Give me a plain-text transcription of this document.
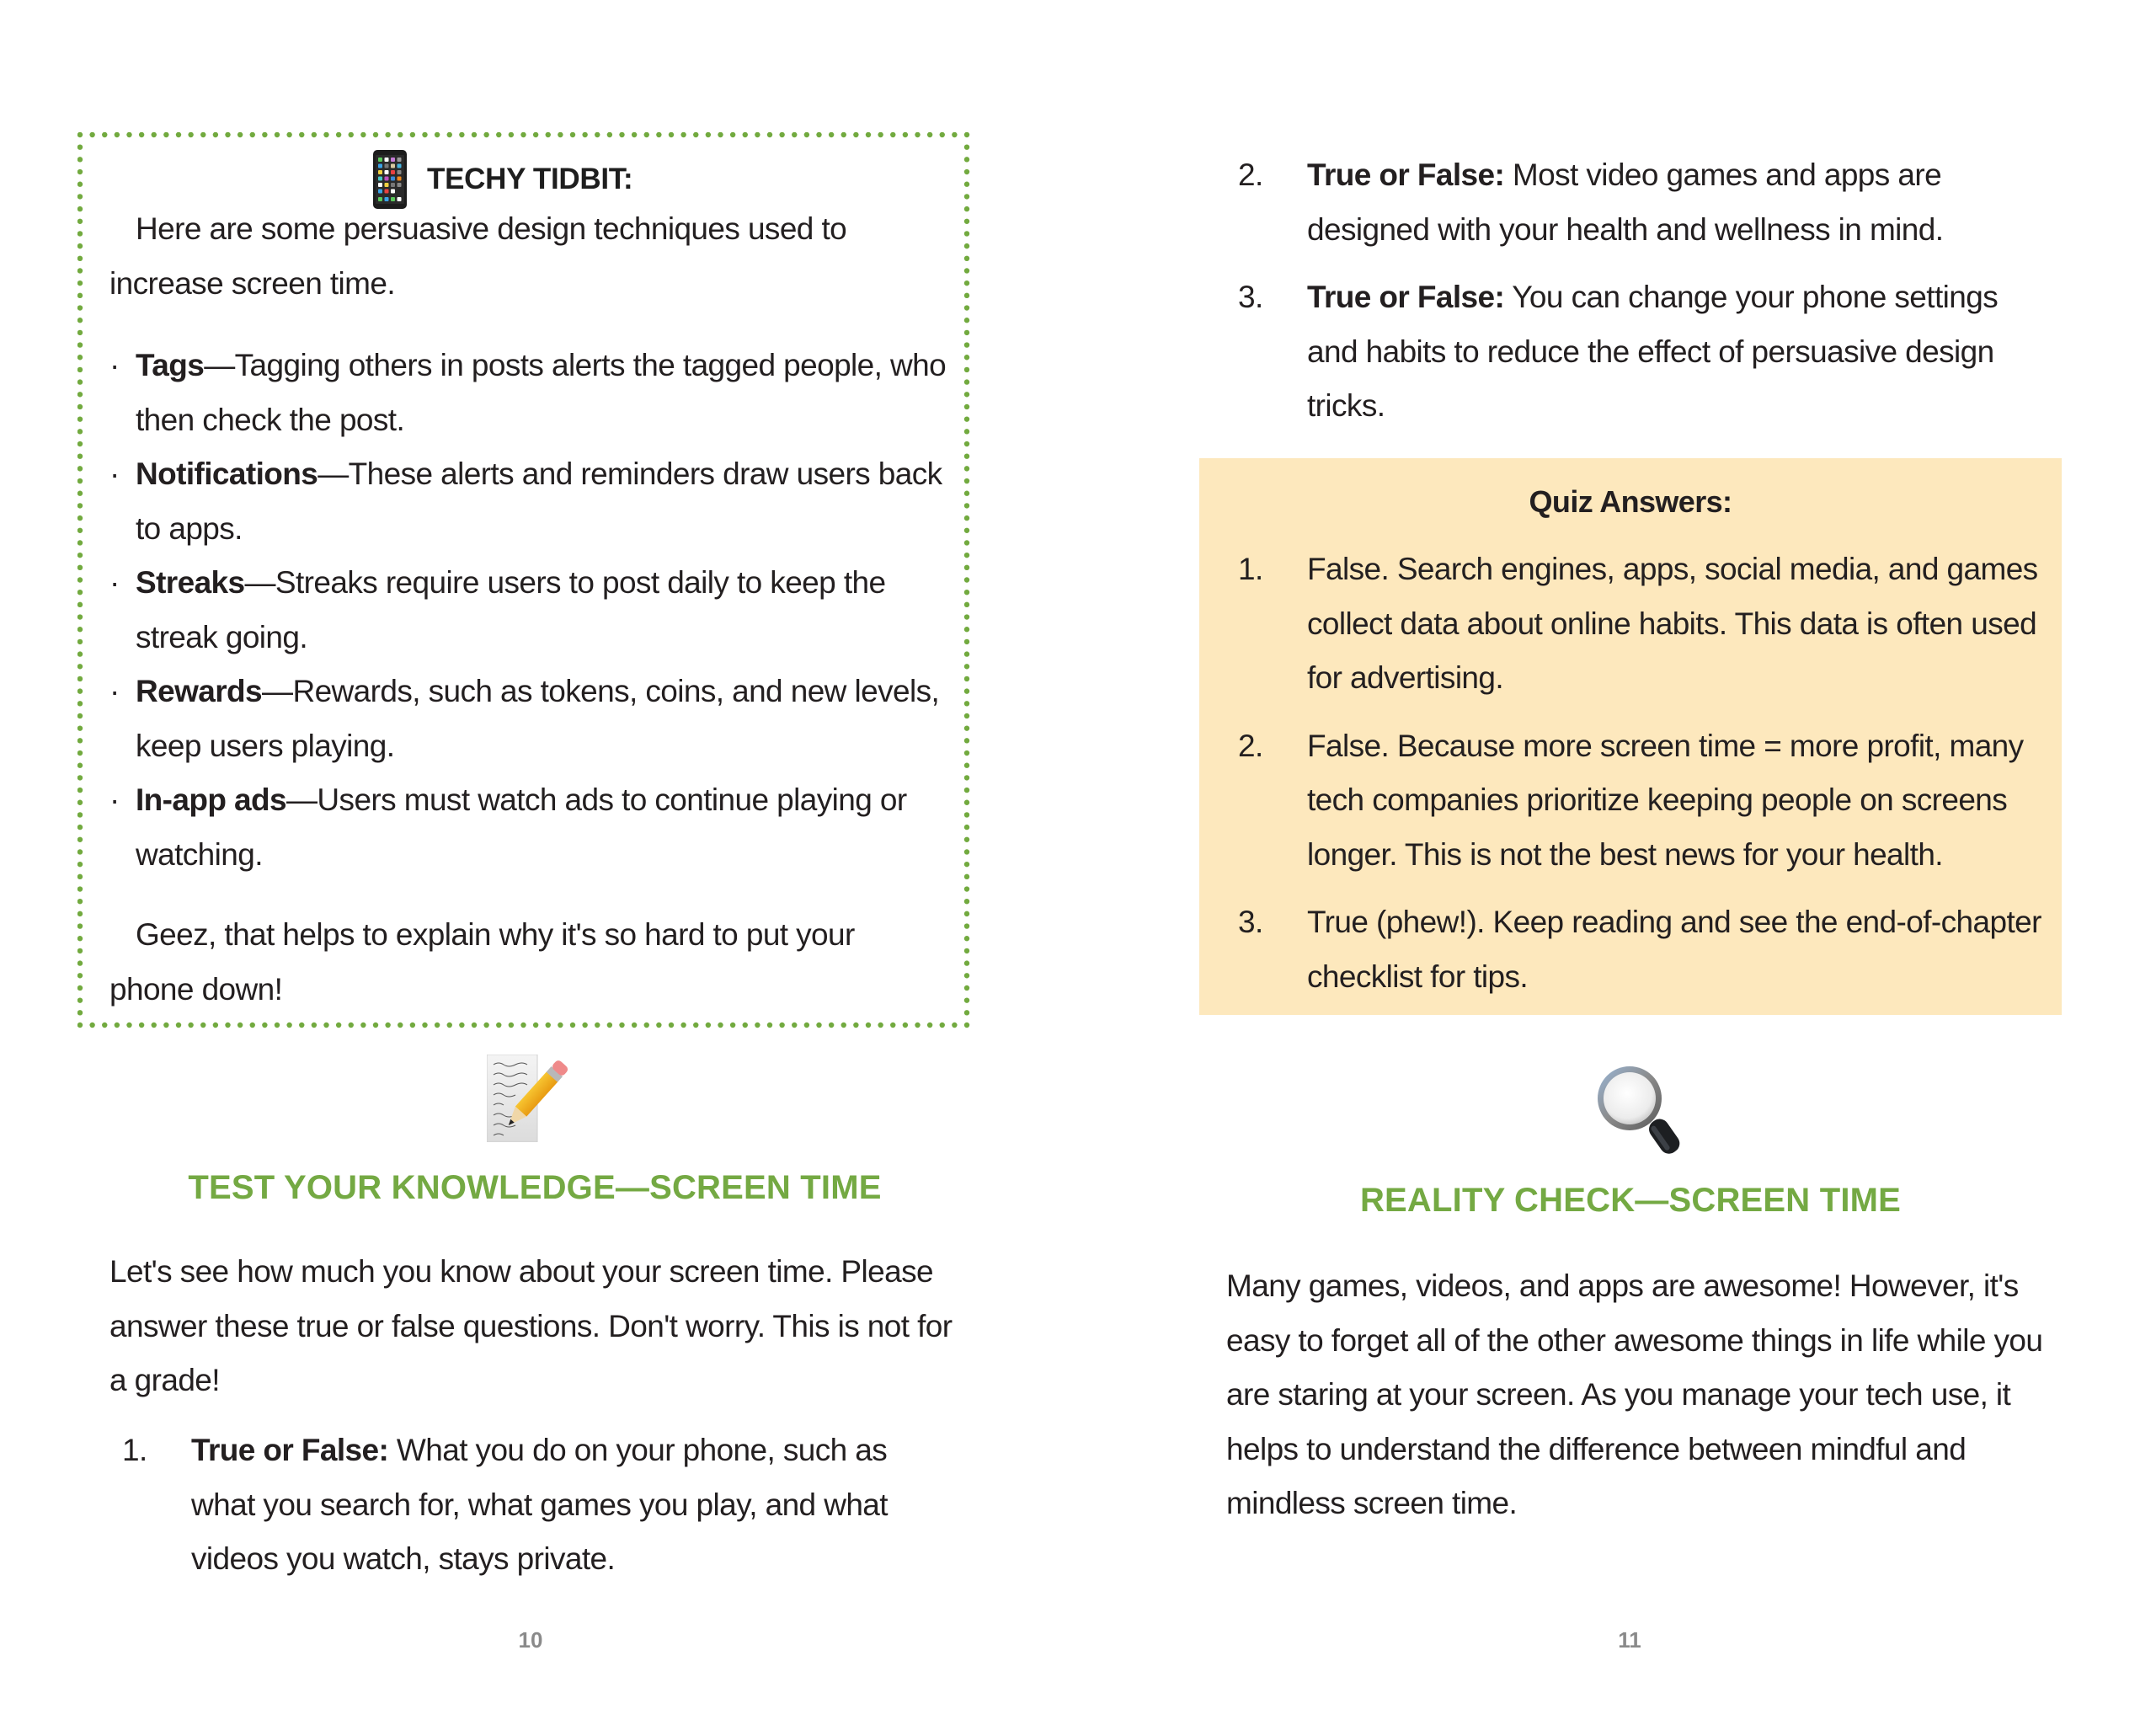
TECHY TIDBIT:
Here are some persuasive design techniques used to increase screen time.
· Tags—Tagging others in posts alerts the tagged people, who then check the post.
· Notifications—These alerts and reminders draw users back to apps.
· Streaks—Streaks require users to post daily to keep the streak going.
· Rewards—Rewards, such as tokens, coins, and new levels, keep users playing.
· In-app ads—Users must watch ads to continue playing or watching.
Geez, that helps to explain why it's so hard to put your phone down!
TEST YOUR KNOWLEDGE—SCREEN TIME
Let's see how much you know about your screen time. Please answer these true or false questions. Don't worry. This is not for a grade!
1. True or False: What you do on your phone, such as what you search for, what games you play, and what videos you watch, stays private.
10
2. True or False: Most video games and apps are designed with your health and wellness in mind.
3. True or False: You can change your phone settings and habits to reduce the effect of persuasive design tricks.
Quiz Answers:
1. False. Search engines, apps, social media, and games collect data about online habits. This data is often used for advertising.
2. False. Because more screen time = more profit, many tech companies prioritize keeping people on screens longer. This is not the best news for your health.
3. True (phew!). Keep reading and see the end-of-chapter checklist for tips.
REALITY CHECK—SCREEN TIME
Many games, videos, and apps are awesome! However, it's easy to forget all of the other awesome things in life while you are staring at your screen. As you manage your tech use, it helps to understand the difference between mindful and mindless screen time.
11
